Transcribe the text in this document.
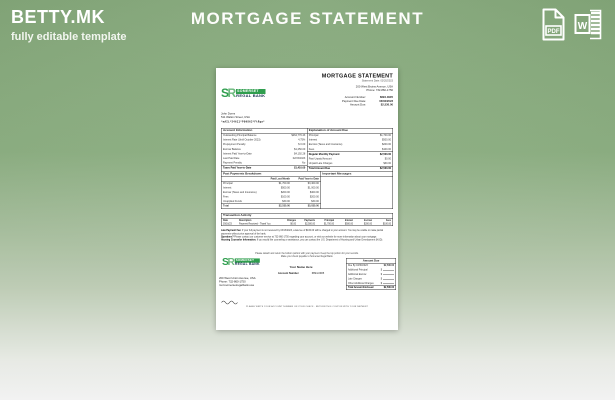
BETTY.MK
fully editable template
MORTGAGE STATEMENT
PDF W
SR SOMERSET
REGAL BANK
MORTGAGE STATEMENT
Statement Date: 03/20/2023
200 West Bruins Avenue, USA
Phone: 732-860-1750
Account Number:	6894-0905
Payment Due Date:	03/30/2023
Amount Due:	$2,530.00
John Doers
511 Walton Street, USA
*mAIL*54611*P09863*FtRqw*
Account Information
Outstanding Principal Balance	$264,776.43
Interest Rate (Until October 2023)	4.75%
Prepayment Penalty	$ 0.00
Escrow Balance	$1,250.00
Interest Paid Year-to-Date	$4,192.28
Last Paid Date	02/15/2023
Payment Penalty	No
Taxes Paid Year-to-Date	$1,410.00
Explanation of Amount Due
Principal	$1,700.00
Interest	$500.00
Escrow (Taxes and Insurance)	$200.00
Fees	$100.00
Regular Monthly Payment	$2,500.00
Past Unpaid Amount	$0.00
Unpaid Late Charges	$30.00
Total Amount Due	$2,530.00
Past Payments Breakdown
Paid Last Month	Paid Year to Date
Principal	$1,700.00	$3,400.00
Interest	$500.00	$1,000.00
Escrow (Taxes and Insurance)	$200.00	$400.00
Fees	$100.00	$200.00
Unapplied Funds	$30.00	$30.00
Total	$2,530.00	$5,030.00
Important Messages
Transaction Activity
Date	Description	Charges	Payments	Principal	Interest	Escrow	Fees
03/16/23	Payment Received - Thank You	$0.00	$2,500.00	$1,700.00	$500.00	$200.00	$100.00
Late Payment Fee: If your full payment is not received by 03/16/2023, a late fee of $160.00 will be charged to your account. You may be unable to make partial payments without prior approval of the bank.
Questions? Please contact our customer service at 732-860-1750 regarding your account, or visit our website for more information about your mortgage.
Housing Counselor Information: If you would like counseling or assistance, you can contact the U.S. Department of Housing and Urban Development (HUD).
Please detach and return the bottom portion with your payment. Keep the top portion for your records.
Make your check payable to Somerset Regal Bank.
SR SOMERSET
REGAL BANK
Your Name Here
Account Number	6894-0905
200 West Union Avenue, USA
Phone: 732-860-1750
mort.somersetregalbank.usa
Amount Due
Due By 03/30/2023:	$2,530.00
Additional Principal	$
Additional Escrow	$
Late Charges	$
Other Additional Charges $
Total Amount Enclosed $2,530.00
PLEASE WRITE YOUR ACCOUNT NUMBER ON YOUR CHECK · RETURN THIS COUPON WITH YOUR PAYMENT
